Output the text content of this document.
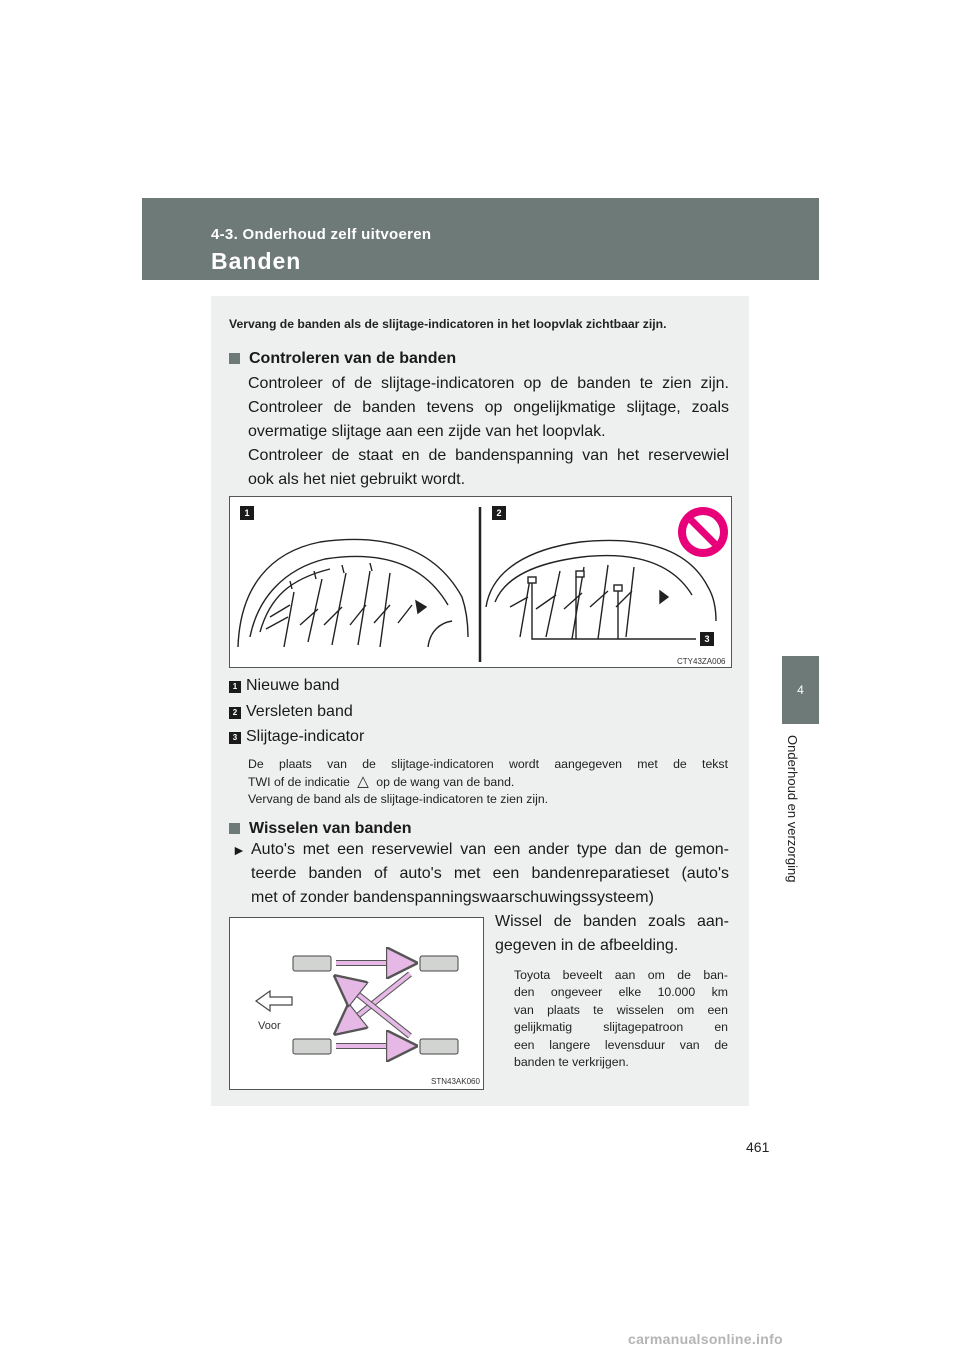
4-3. Onderhoud zelf uitvoeren
Banden
4
Onderhoud en verzorging
Vervang de banden als de slijtage-indicatoren in het loopvlak zichtbaar zijn.
Controleren van de banden

Controleer of de slijtage-indicatoren op de banden te zien zijn.

Controleer de banden tevens op ongelijkmatige slijtage, zoals

overmatige slijtage aan een zijde van het loopvlak.

Controleer de staat en de bandenspanning van het reservewiel

ook als het niet gebruikt wordt.

1	2
3
CTY43ZA006
1 Nieuwe band
2 Versleten band
3 Slijtage-indicator

De plaats van de slijtage-indicatoren wordt aangegeven met de tekst

TWI of de indicatie △ op de wang van de band.

Vervang de band als de slijtage-indicatoren te zien zijn.

Wisselen van banden
► Auto's met een reservewiel van een ander type dan de gemon-

teerde banden of auto's met een bandenreparatieset (auto's

met of zonder bandenspanningswaarschuwingssysteem)

Wissel de banden zoals aan-

gegeven in de afbeelding.

Toyota beveelt aan om de ban-

den ongeveer elke 10.000 km

van plaats te wisselen om een

gelijkmatig slijtagepatroon en

een langere levensduur van de

banden te verkrijgen.

Voor
STN43AK060
461
carmanualsonline.info
